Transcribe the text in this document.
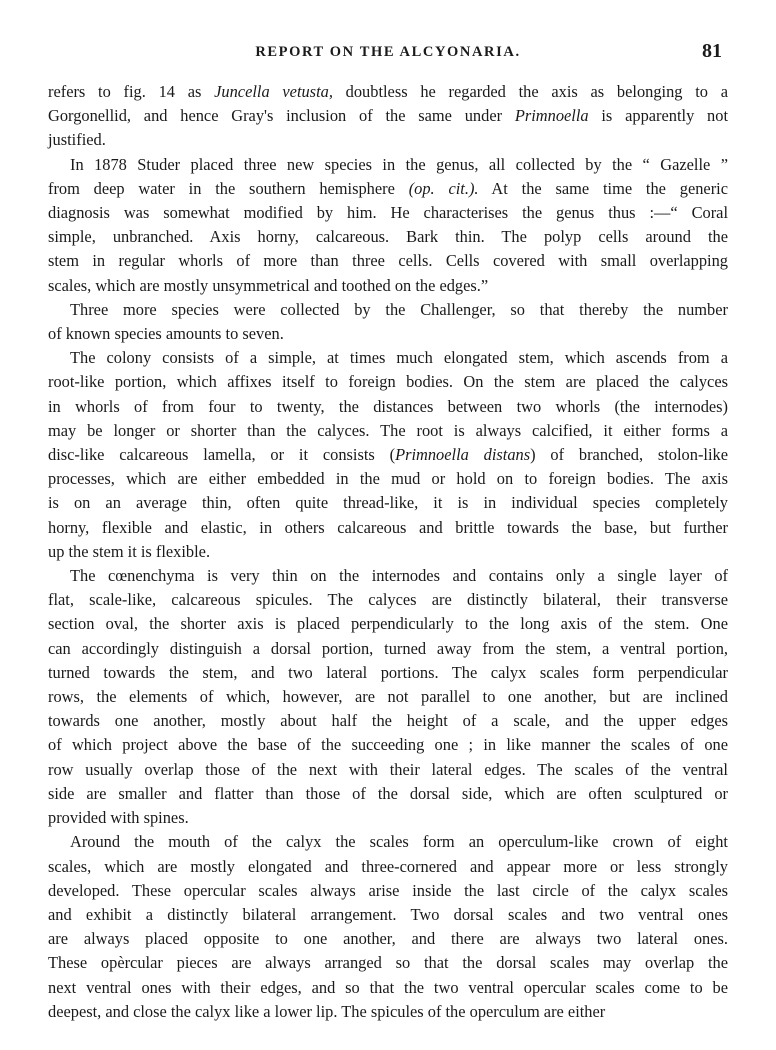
REPORT ON THE ALCYONARIA.	81
refers to fig. 14 as Juncella vetusta, doubtless he regarded the axis as belonging to a
Gorgonellid, and hence Gray's inclusion of the same under Primnoella is apparently not
justified.
In 1878 Studer placed three new species in the genus, all collected by the “ Gazelle ”
from deep water in the southern hemisphere (op. cit.). At the same time the generic
diagnosis was somewhat modified by him. He characterises the genus thus :—“ Coral
simple, unbranched. Axis horny, calcareous. Bark thin. The polyp cells around the
stem in regular whorls of more than three cells. Cells covered with small overlapping
scales, which are mostly unsymmetrical and toothed on the edges.”
Three more species were collected by the Challenger, so that thereby the number
of known species amounts to seven.
The colony consists of a simple, at times much elongated stem, which ascends from a
root-like portion, which affixes itself to foreign bodies. On the stem are placed the calyces
in whorls of from four to twenty, the distances between two whorls (the internodes)
may be longer or shorter than the calyces. The root is always calcified, it either forms a
disc-like calcareous lamella, or it consists (Primnoella distans) of branched, stolon-like
processes, which are either embedded in the mud or hold on to foreign bodies. The axis
is on an average thin, often quite thread-like, it is in individual species completely
horny, flexible and elastic, in others calcareous and brittle towards the base, but further
up the stem it is flexible.
The cœnenchyma is very thin on the internodes and contains only a single layer of
flat, scale-like, calcareous spicules. The calyces are distinctly bilateral, their transverse
section oval, the shorter axis is placed perpendicularly to the long axis of the stem. One
can accordingly distinguish a dorsal portion, turned away from the stem, a ventral portion,
turned towards the stem, and two lateral portions. The calyx scales form perpendicular
rows, the elements of which, however, are not parallel to one another, but are inclined
towards one another, mostly about half the height of a scale, and the upper edges
of which project above the base of the succeeding one ; in like manner the scales of one
row usually overlap those of the next with their lateral edges. The scales of the ventral
side are smaller and flatter than those of the dorsal side, which are often sculptured or
provided with spines.
Around the mouth of the calyx the scales form an operculum-like crown of eight
scales, which are mostly elongated and three-cornered and appear more or less strongly
developed. These opercular scales always arise inside the last circle of the calyx scales
and exhibit a distinctly bilateral arrangement. Two dorsal scales and two ventral ones
are always placed opposite to one another, and there are always two lateral ones.
These opèrcular pieces are always arranged so that the dorsal scales may overlap the
next ventral ones with their edges, and so that the two ventral opercular scales come to be
deepest, and close the calyx like a lower lip. The spicules of the operculum are either
